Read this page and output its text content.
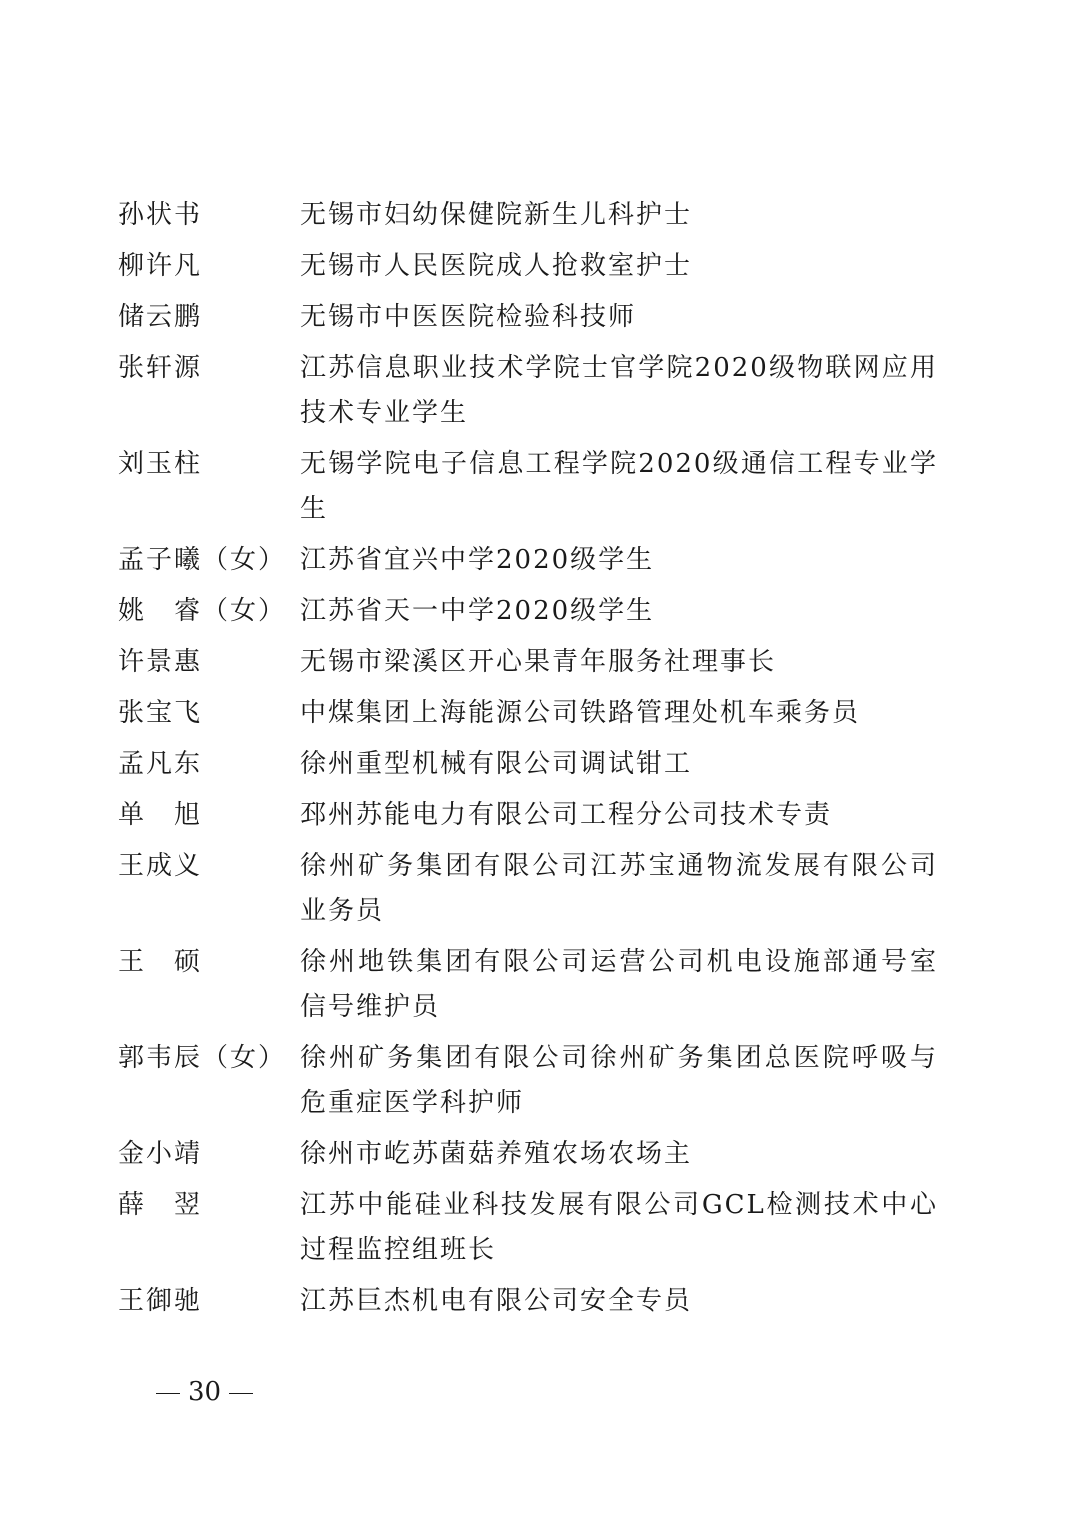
孙状书	无锡市妇幼保健院新生儿科护士
柳许凡	无锡市人民医院成人抢救室护士
储云鹏	无锡市中医医院检验科技师
张轩源	江苏信息职业技术学院士官学院2020级物联网应用技术专业学生
刘玉柱	无锡学院电子信息工程学院2020级通信工程专业学生
孟子曦（女） 江苏省宜兴中学2020级学生
姚　睿（女） 江苏省天一中学2020级学生
许景惠	无锡市梁溪区开心果青年服务社理事长
张宝飞	中煤集团上海能源公司铁路管理处机车乘务员
孟凡东	徐州重型机械有限公司调试钳工
单　旭	邳州苏能电力有限公司工程分公司技术专责
王成义	徐州矿务集团有限公司江苏宝通物流发展有限公司业务员
王　硕	徐州地铁集团有限公司运营公司机电设施部通号室信号维护员
郭韦辰（女） 徐州矿务集团有限公司徐州矿务集团总医院呼吸与危重症医学科护师
金小靖	徐州市屹苏菌菇养殖农场农场主
薛　翌	江苏中能硅业科技发展有限公司GCL检测技术中心过程监控组班长
王御驰	江苏巨杰机电有限公司安全专员
30
